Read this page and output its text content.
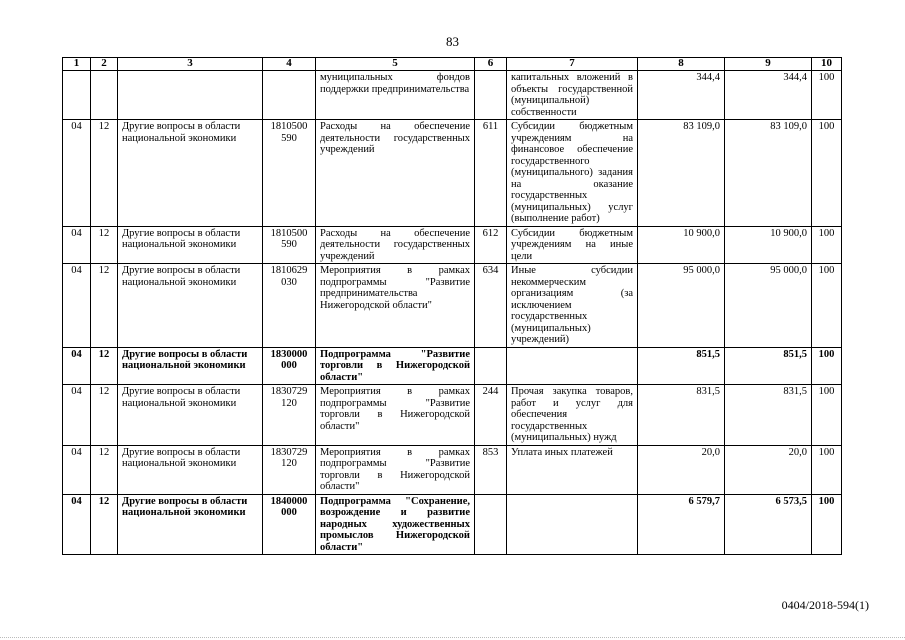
83
1	2	3	4	5	6	7	8	9	10
				муниципальных фондов поддержки предпринимательства		капитальных вложений в объекты государственной (муниципальной) собственности	344,4	344,4	100
04	12	Другие вопросы в области национальной экономики	1810500 590	Расходы на обеспечение деятельности государственных учреждений	611	Субсидии бюджетным учреждениям на финансовое обеспечение государственного (муниципального) задания на оказание государственных (муниципальных) услуг (выполнение работ)	83 109,0	83 109,0	100
04	12	Другие вопросы в области национальной экономики	1810500 590	Расходы на обеспечение деятельности государственных учреждений	612	Субсидии бюджетным учреждениям на иные цели	10 900,0	10 900,0	100
04	12	Другие вопросы в области национальной экономики	1810629 030	Мероприятия в рамках подпрограммы "Развитие предпринимательства Нижегородской области"	634	Иные субсидии некоммерческим организациям (за исключением государственных (муниципальных) учреждений)	95 000,0	95 000,0	100
04	12	Другие вопросы в области национальной экономики	1830000 000	Подпрограмма "Развитие торговли в Нижегородской области"			851,5	851,5	100
04	12	Другие вопросы в области национальной экономики	1830729 120	Мероприятия в рамках подпрограммы "Развитие торговли в Нижегородской области"	244	Прочая закупка товаров, работ и услуг для обеспечения государственных (муниципальных) нужд	831,5	831,5	100
04	12	Другие вопросы в области национальной экономики	1830729 120	Мероприятия в рамках подпрограммы "Развитие торговли в Нижегородской области"	853	Уплата иных платежей	20,0	20,0	100
04	12	Другие вопросы в области национальной экономики	1840000 000	Подпрограмма "Сохранение, возрождение и развитие народных художественных промыслов Нижегородской области"			6 579,7	6 573,5	100
0404/2018-594(1)
